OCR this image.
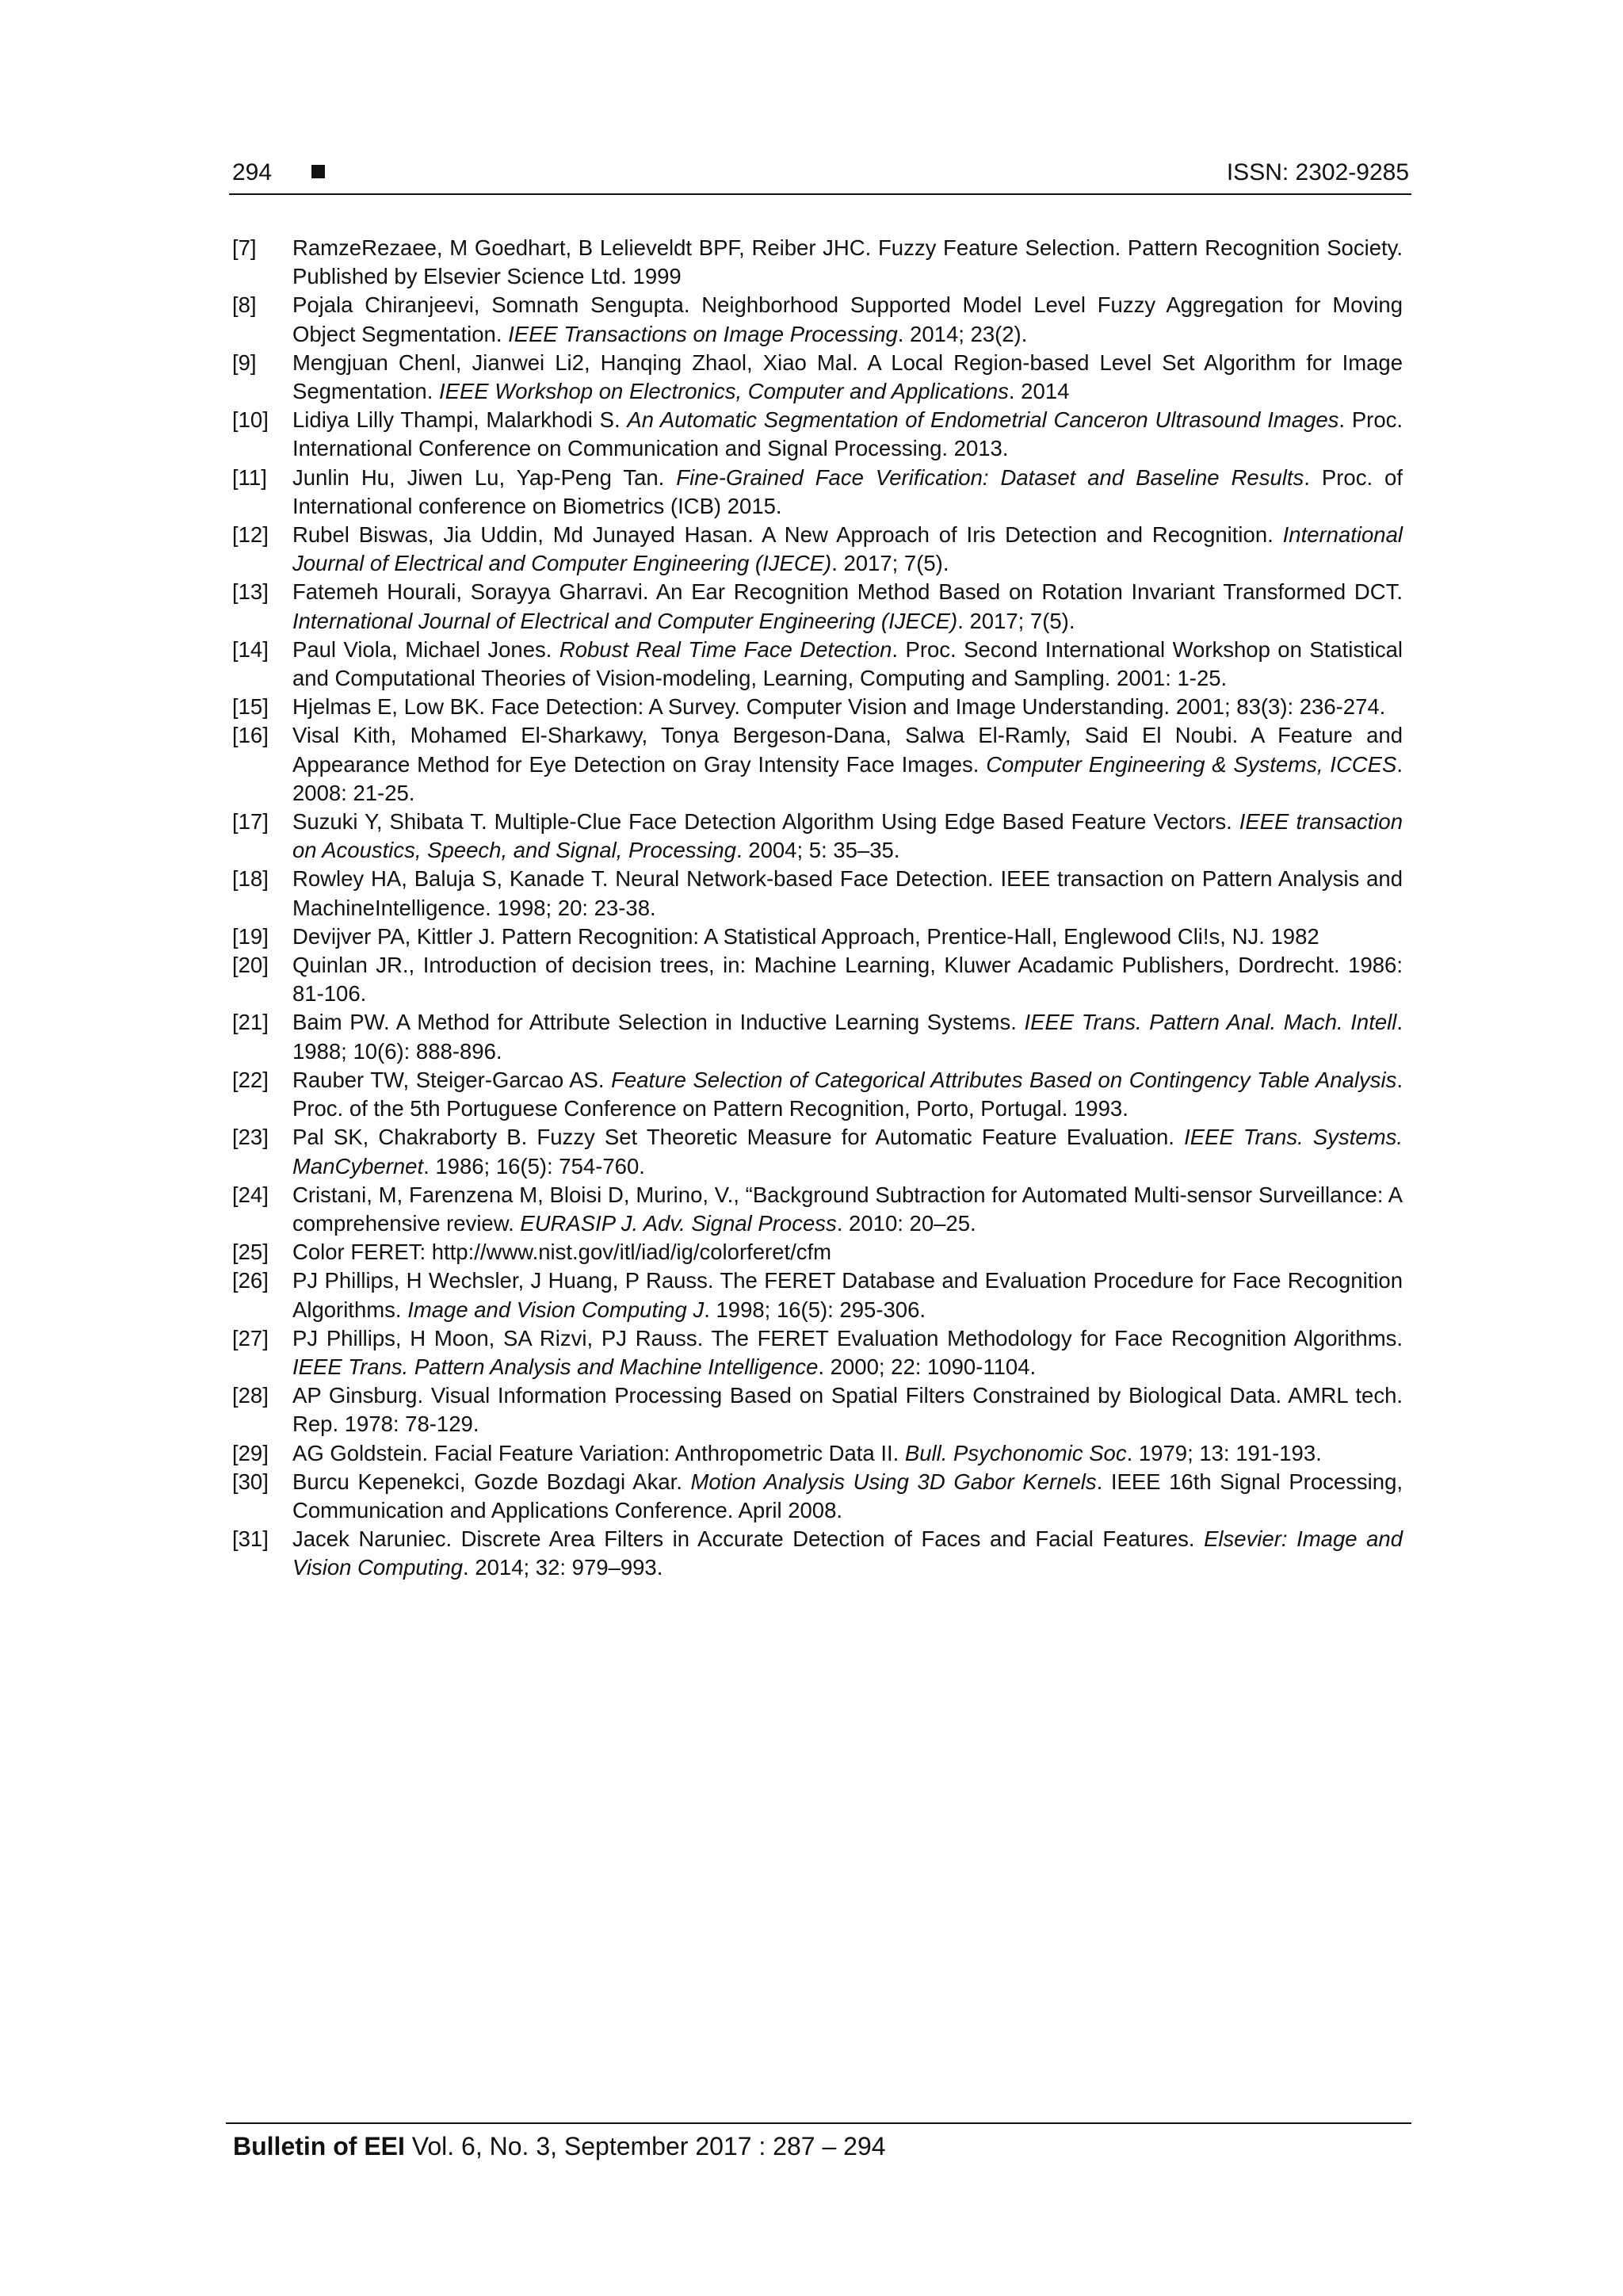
294	ISSN: 2302-9285
[7] RamzeRezaee, M Goedhart, B Lelieveldt BPF, Reiber JHC. Fuzzy Feature Selection. Pattern Recognition Society. Published by Elsevier Science Ltd. 1999
[8] Pojala Chiranjeevi, Somnath Sengupta. Neighborhood Supported Model Level Fuzzy Aggregation for Moving Object Segmentation. IEEE Transactions on Image Processing. 2014; 23(2).
[9] Mengjuan Chenl, Jianwei Li2, Hanqing Zhaol, Xiao Mal. A Local Region-based Level Set Algorithm for Image Segmentation. IEEE Workshop on Electronics, Computer and Applications. 2014
[10] Lidiya Lilly Thampi, Malarkhodi S. An Automatic Segmentation of Endometrial Canceron Ultrasound Images. Proc. International Conference on Communication and Signal Processing. 2013.
[11] Junlin Hu, Jiwen Lu, Yap-Peng Tan. Fine-Grained Face Verification: Dataset and Baseline Results. Proc. of International conference on Biometrics (ICB) 2015.
[12] Rubel Biswas, Jia Uddin, Md Junayed Hasan. A New Approach of Iris Detection and Recognition. International Journal of Electrical and Computer Engineering (IJECE). 2017; 7(5).
[13] Fatemeh Hourali, Sorayya Gharravi. An Ear Recognition Method Based on Rotation Invariant Transformed DCT. International Journal of Electrical and Computer Engineering (IJECE). 2017; 7(5).
[14] Paul Viola, Michael Jones. Robust Real Time Face Detection. Proc. Second International Workshop on Statistical and Computational Theories of Vision-modeling, Learning, Computing and Sampling. 2001: 1-25.
[15] Hjelmas E, Low BK. Face Detection: A Survey. Computer Vision and Image Understanding. 2001; 83(3): 236-274.
[16] Visal Kith, Mohamed El-Sharkawy, Tonya Bergeson-Dana, Salwa El-Ramly, Said El Noubi. A Feature and Appearance Method for Eye Detection on Gray Intensity Face Images. Computer Engineering & Systems, ICCES. 2008: 21-25.
[17] Suzuki Y, Shibata T. Multiple-Clue Face Detection Algorithm Using Edge Based Feature Vectors. IEEE transaction on Acoustics, Speech, and Signal, Processing. 2004; 5: 35–35.
[18] Rowley HA, Baluja S, Kanade T. Neural Network-based Face Detection. IEEE transaction on Pattern Analysis and MachineIntelligence. 1998; 20: 23-38.
[19] Devijver PA, Kittler J. Pattern Recognition: A Statistical Approach, Prentice-Hall, Englewood Cli!s, NJ. 1982
[20] Quinlan JR., Introduction of decision trees, in: Machine Learning, Kluwer Acadamic Publishers, Dordrecht. 1986: 81-106.
[21] Baim PW. A Method for Attribute Selection in Inductive Learning Systems. IEEE Trans. Pattern Anal. Mach. Intell. 1988; 10(6): 888-896.
[22] Rauber TW, Steiger-Garcao AS. Feature Selection of Categorical Attributes Based on Contingency Table Analysis. Proc. of the 5th Portuguese Conference on Pattern Recognition, Porto, Portugal. 1993.
[23] Pal SK, Chakraborty B. Fuzzy Set Theoretic Measure for Automatic Feature Evaluation. IEEE Trans. Systems. ManCybernet. 1986; 16(5): 754-760.
[24] Cristani, M, Farenzena M, Bloisi D, Murino, V., “Background Subtraction for Automated Multi-sensor Surveillance: A comprehensive review. EURASIP J. Adv. Signal Process. 2010: 20–25.
[25] Color FERET: http://www.nist.gov/itl/iad/ig/colorferet/cfm
[26] PJ Phillips, H Wechsler, J Huang, P Rauss. The FERET Database and Evaluation Procedure for Face Recognition Algorithms. Image and Vision Computing J. 1998; 16(5): 295-306.
[27] PJ Phillips, H Moon, SA Rizvi, PJ Rauss. The FERET Evaluation Methodology for Face Recognition Algorithms. IEEE Trans. Pattern Analysis and Machine Intelligence. 2000; 22: 1090-1104.
[28] AP Ginsburg. Visual Information Processing Based on Spatial Filters Constrained by Biological Data. AMRL tech. Rep. 1978: 78-129.
[29] AG Goldstein. Facial Feature Variation: Anthropometric Data II. Bull. Psychonomic Soc. 1979; 13: 191-193.
[30] Burcu Kepenekci, Gozde Bozdagi Akar. Motion Analysis Using 3D Gabor Kernels. IEEE 16th Signal Processing, Communication and Applications Conference. April 2008.
[31] Jacek Naruniec. Discrete Area Filters in Accurate Detection of Faces and Facial Features. Elsevier: Image and Vision Computing. 2014; 32: 979–993.
Bulletin of EEI Vol. 6, No. 3, September 2017 : 287 – 294
